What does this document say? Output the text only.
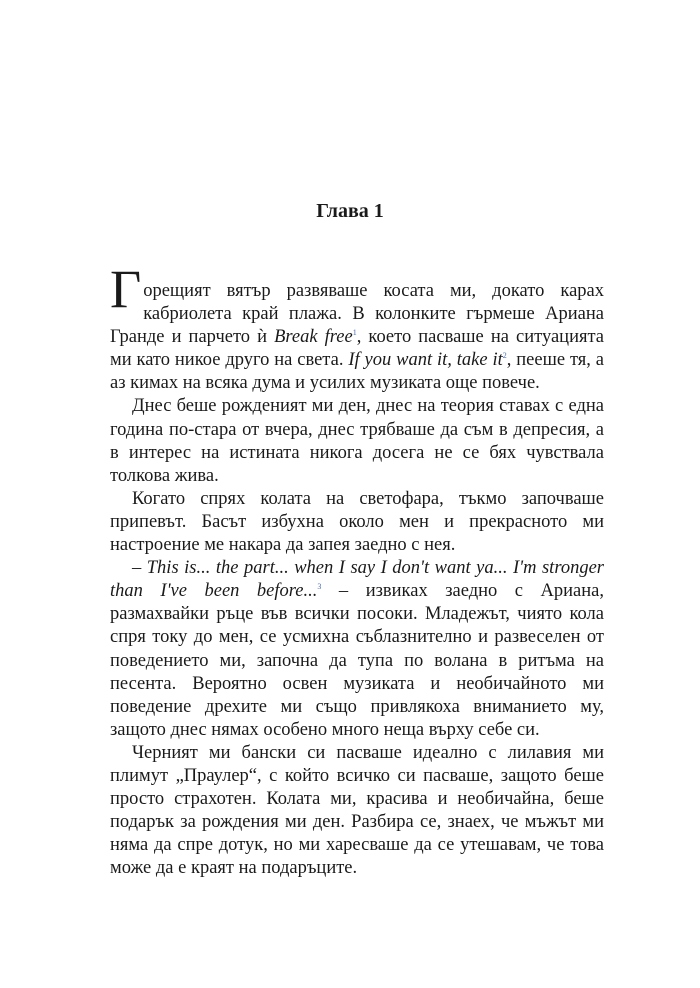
Глава 1

Г орещият вятър развяваше косата ми, докато карах кабриолета край плажа. В колонките гърмеше Ариана Гранде и парчето ѝ Break free$^1$, което пасваше на ситуацията ми като никое друго на света. If you want it, take it$^2$, пееше тя, а аз кимах на всяка дума и усилих музиката още повече.

Днес беше рожденият ми ден, днес на теория ставах с една година по-стара от вчера, днес трябваше да съм в депресия, а в интерес на истината никога досега не се бях чувствала толкова жива.

Когато спрях колата на светофара, тъкмо започваше припевът. Басът избухна около мен и прекрасното ми настроение ме накара да запея заедно с нея.

– This is... the part... when I say I don't want ya... I'm stronger than I've been before...$^3$ – извиках заедно с Ариана, размахвайки ръце във всички посоки. Младежът, чиято кола спря току до мен, се усмихна съблазнително и развеселен от поведението ми, започна да тупа по волана в ритъма на песента. Вероятно освен музиката и необичайното ми поведение дрехите ми също привлякоха вниманието му, защото днес нямах особено много неща върху себе си.

Черният ми бански си пасваше идеално с лилавия ми плимут „Праулер“, с който всичко си пасваше, защото беше просто страхотен. Колата ми, красива и необичайна, беше подарък за рождения ми ден. Разбира се, знаех, че мъжът ми няма да спре дотук, но ми харесваше да се утешавам, че това може да е краят на подаръците.
